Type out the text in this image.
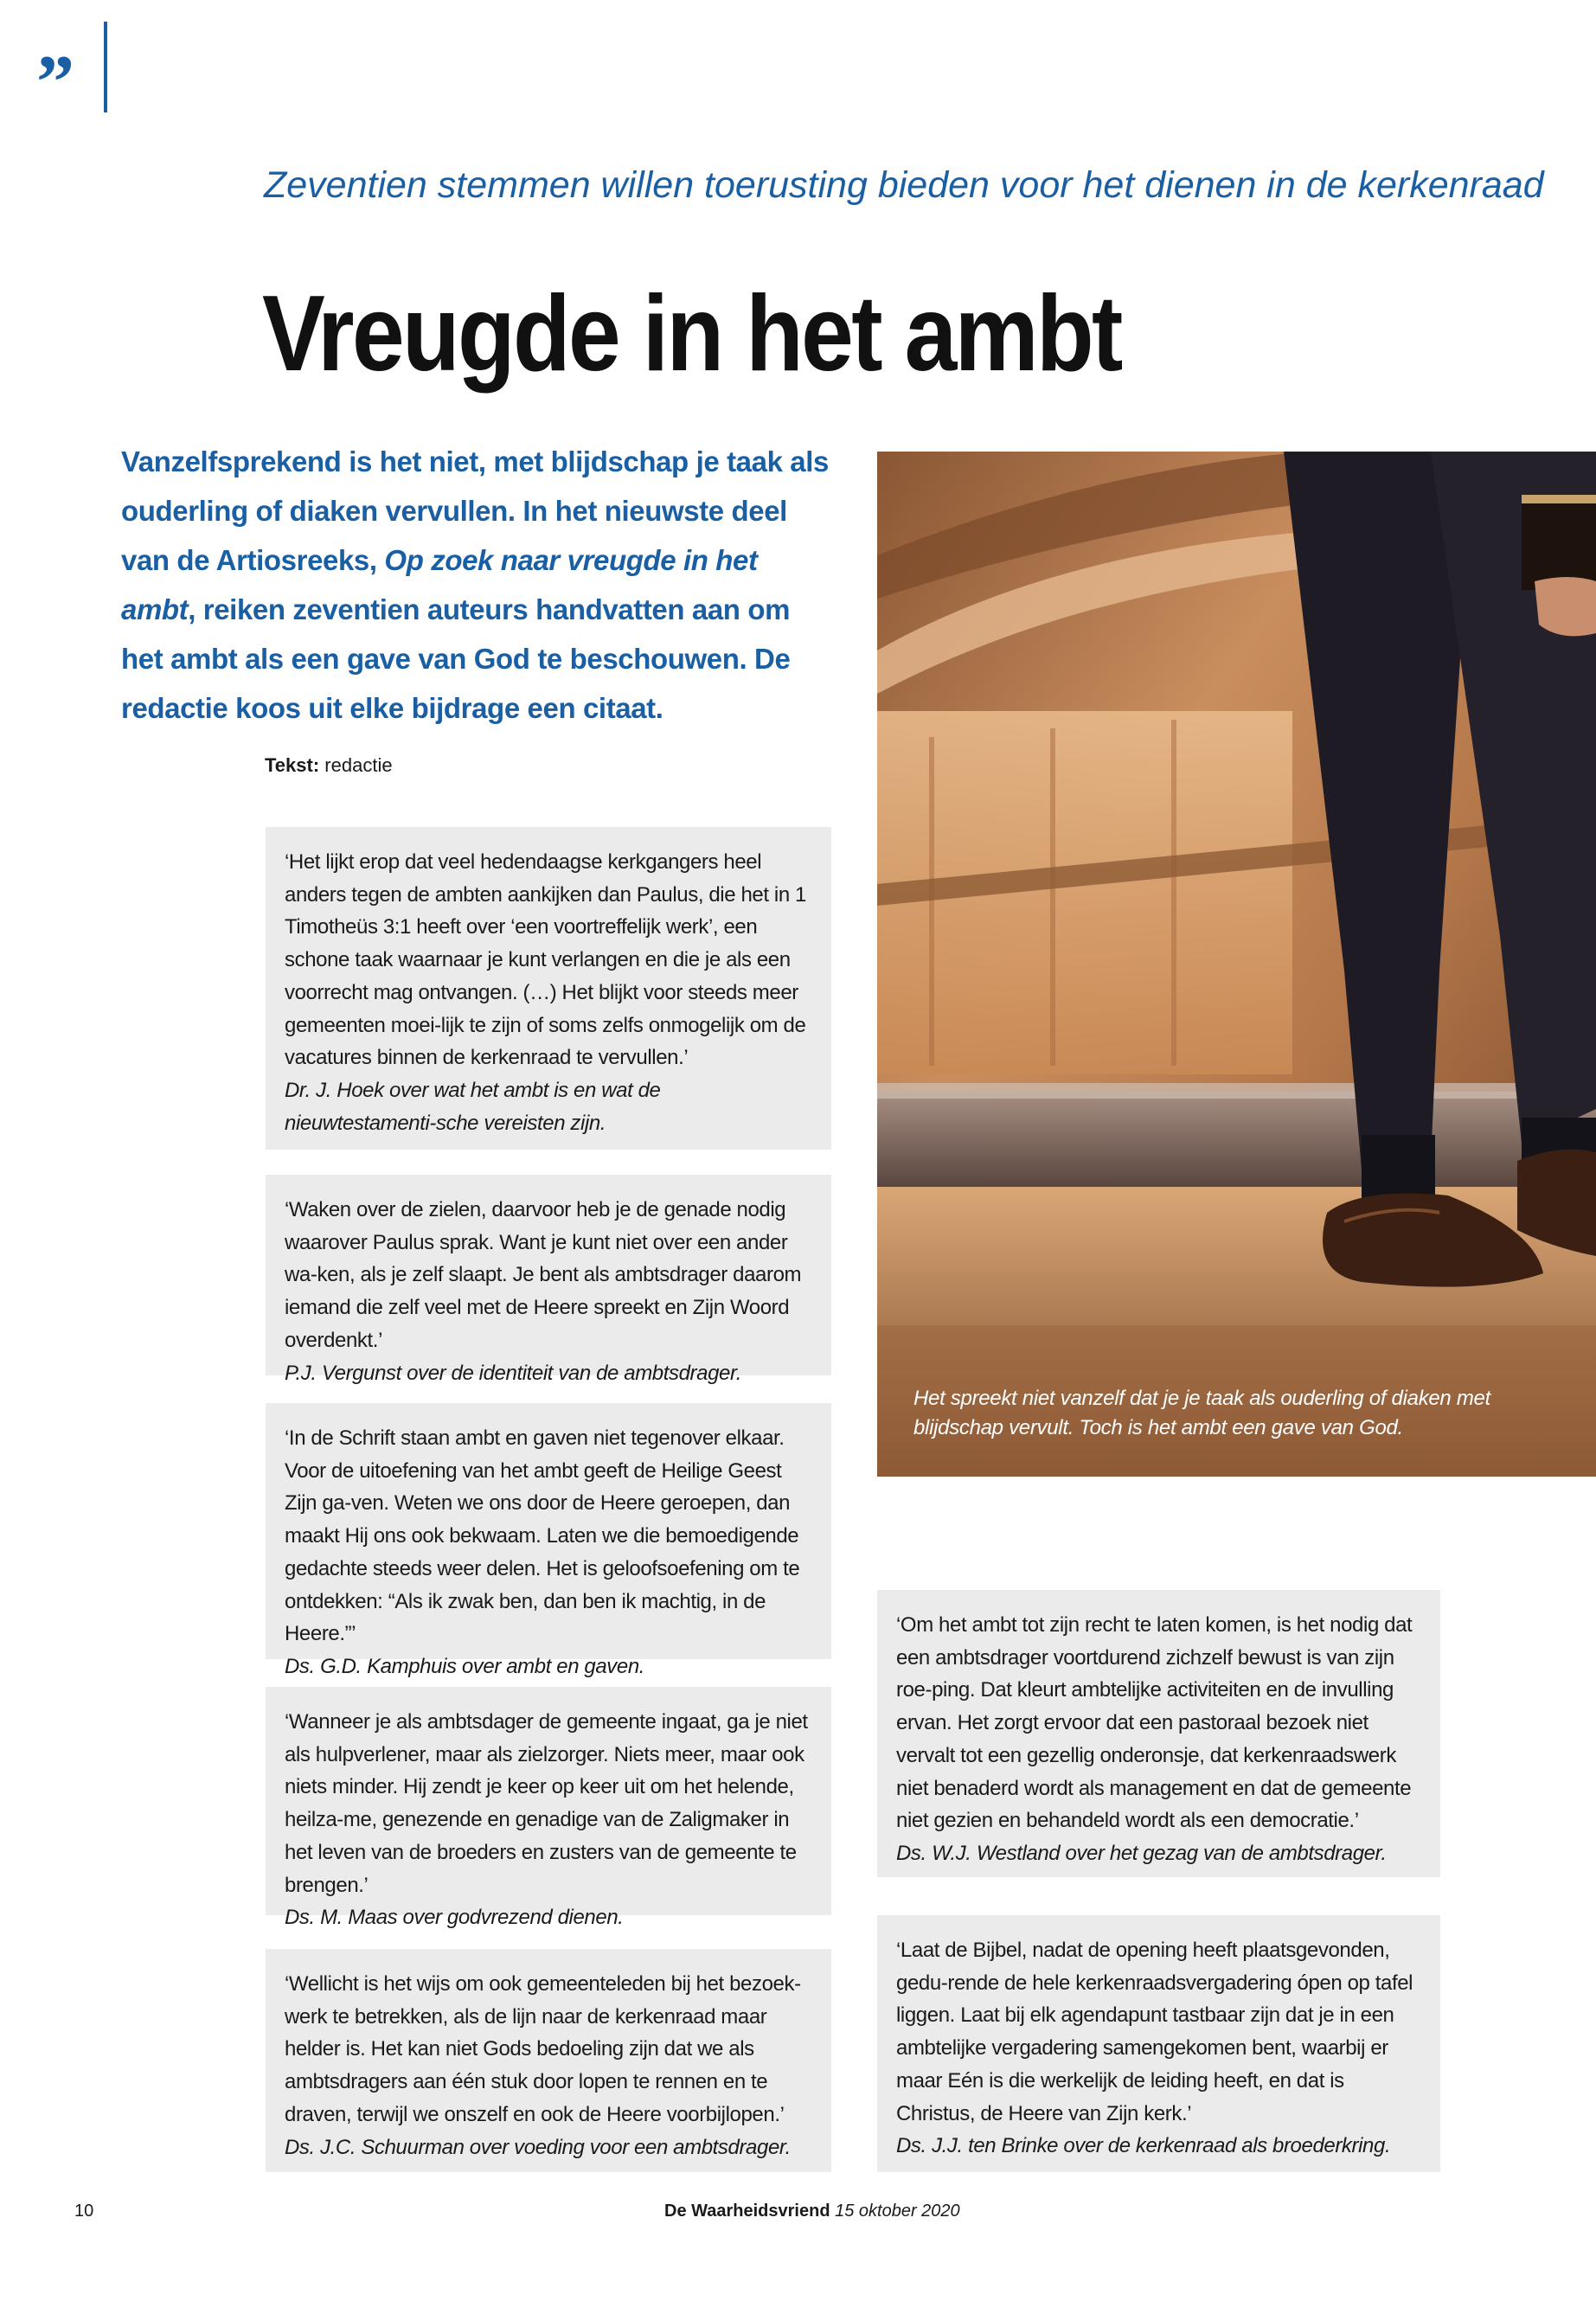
”
Zeventien stemmen willen toerusting bieden voor het dienen in de kerkenraad
Vreugde in het ambt
Vanzelfsprekend is het niet, met blijdschap je taak als ouderling of diaken vervullen. In het nieuwste deel van de Artiosreeks, Op zoek naar vreugde in het ambt, reiken zeventien auteurs handvatten aan om het ambt als een gave van God te beschouwen. De redactie koos uit elke bijdrage een citaat.
Tekst: redactie
‘Het lijkt erop dat veel hedendaagse kerkgangers heel anders tegen de ambten aankijken dan Paulus, die het in 1 Timotheüs 3:1 heeft over ‘een voortreffelijk werk’, een schone taak waarnaar je kunt verlangen en die je als een voorrecht mag ontvangen. (…) Het blijkt voor steeds meer gemeenten moei-lijk te zijn of soms zelfs onmogelijk om de vacatures binnen de kerkenraad te vervullen.’
Dr. J. Hoek over wat het ambt is en wat de nieuwtestamenti-sche vereisten zijn.
‘Waken over de zielen, daarvoor heb je de genade nodig waarover Paulus sprak. Want je kunt niet over een ander wa-ken, als je zelf slaapt. Je bent als ambtsdrager daarom iemand die zelf veel met de Heere spreekt en Zijn Woord overdenkt.’
P.J. Vergunst over de identiteit van de ambtsdrager.
‘In de Schrift staan ambt en gaven niet tegenover elkaar. Voor de uitoefening van het ambt geeft de Heilige Geest Zijn ga-ven. Weten we ons door de Heere geroepen, dan maakt Hij ons ook bekwaam. Laten we die bemoedigende gedachte steeds weer delen. Het is geloofsoefening om te ontdekken: “Als ik zwak ben, dan ben ik machtig, in de Heere.”’
Ds. G.D. Kamphuis over ambt en gaven.
‘Wanneer je als ambtsdager de gemeente ingaat, ga je niet als hulpverlener, maar als zielzorger. Niets meer, maar ook niets minder. Hij zendt je keer op keer uit om het helende, heilza-me, genezende en genadige van de Zaligmaker in het leven van de broeders en zusters van de gemeente te brengen.’
Ds. M. Maas over godvrezend dienen.
‘Wellicht is het wijs om ook gemeenteleden bij het bezoek-werk te betrekken, als de lijn naar de kerkenraad maar helder is. Het kan niet Gods bedoeling zijn dat we als ambtsdragers aan één stuk door lopen te rennen en te draven, terwijl we onszelf en ook de Heere voorbijlopen.’
Ds. J.C. Schuurman over voeding voor een ambtsdrager.
Het spreekt niet vanzelf dat je je taak als ouderling of diaken met blijdschap vervult. Toch is het ambt een gave van God.
‘Om het ambt tot zijn recht te laten komen, is het nodig dat een ambtsdrager voortdurend zichzelf bewust is van zijn roe-ping. Dat kleurt ambtelijke activiteiten en de invulling ervan. Het zorgt ervoor dat een pastoraal bezoek niet vervalt tot een gezellig onderonsje, dat kerkenraadswerk niet benaderd wordt als management en dat de gemeente niet gezien en behandeld wordt als een democratie.’
Ds. W.J. Westland over het gezag van de ambtsdrager.
‘Laat de Bijbel, nadat de opening heeft plaatsgevonden, gedu-rende de hele kerkenraadsvergadering ópen op tafel liggen. Laat bij elk agendapunt tastbaar zijn dat je in een ambtelijke vergadering samengekomen bent, waarbij er maar Eén is die werkelijk de leiding heeft, en dat is Christus, de Heere van Zijn kerk.’
Ds. J.J. ten Brinke over de kerkenraad als broederkring.
10	De Waarheidsvriend 15 oktober 2020
